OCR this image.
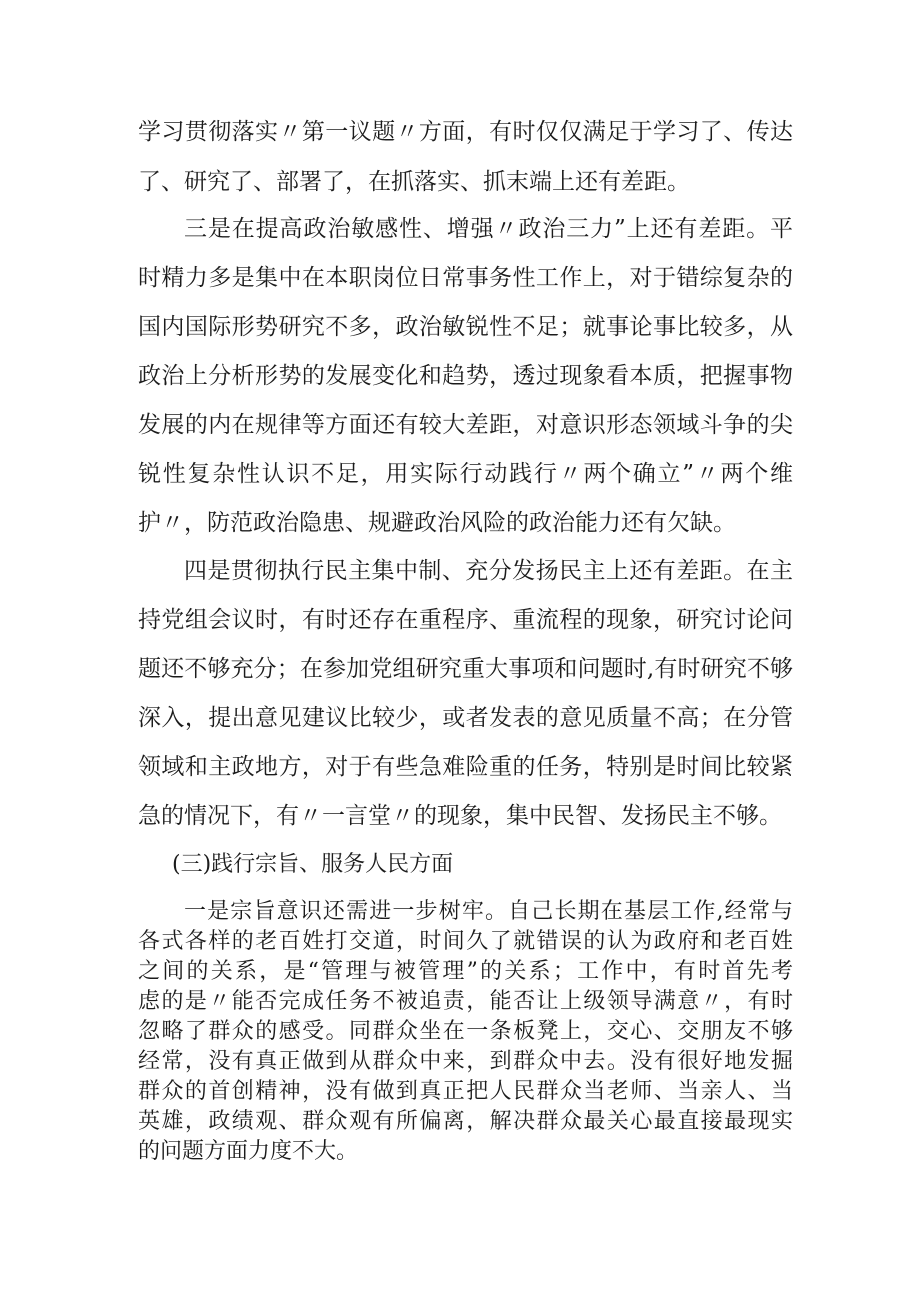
学习贯彻落实〃第一议题〃方面，有时仅仅满足于学习了、传达
了、研究了、部署了，在抓落实、抓末端上还有差距。
三是在提高政治敏感性、增强〃政治三力”上还有差距。平
时精力多是集中在本职岗位日常事务性工作上，对于错综复杂的
国内国际形势研究不多，政治敏锐性不足；就事论事比较多，从
政治上分析形势的发展变化和趋势，透过现象看本质，把握事物
发展的内在规律等方面还有较大差距，对意识形态领域斗争的尖
锐性复杂性认识不足，用实际行动践行〃两个确立”〃两个维
护〃，防范政治隐患、规避政治风险的政治能力还有欠缺。
四是贯彻执行民主集中制、充分发扬民主上还有差距。在主
持党组会议时，有时还存在重程序、重流程的现象，研究讨论问
题还不够充分；在参加党组研究重大事项和问题时,有时研究不够
深入，提出意见建议比较少，或者发表的意见质量不高；在分管
领域和主政地方，对于有些急难险重的任务，特别是时间比较紧
急的情况下，有〃一言堂〃的现象，集中民智、发扬民主不够。
(三)践行宗旨、服务人民方面
一是宗旨意识还需进一步树牢。自己长期在基层工作,经常与
各式各样的老百姓打交道，时间久了就错误的认为政府和老百姓
之间的关系，是“管理与被管理”的关系；工作中，有时首先考
虑的是〃能否完成任务不被追责，能否让上级领导满意〃，有时
忽略了群众的感受。同群众坐在一条板凳上，交心、交朋友不够
经常，没有真正做到从群众中来，到群众中去。没有很好地发掘
群众的首创精神，没有做到真正把人民群众当老师、当亲人、当
英雄，政绩观、群众观有所偏离，解决群众最关心最直接最现实
的问题方面力度不大。
